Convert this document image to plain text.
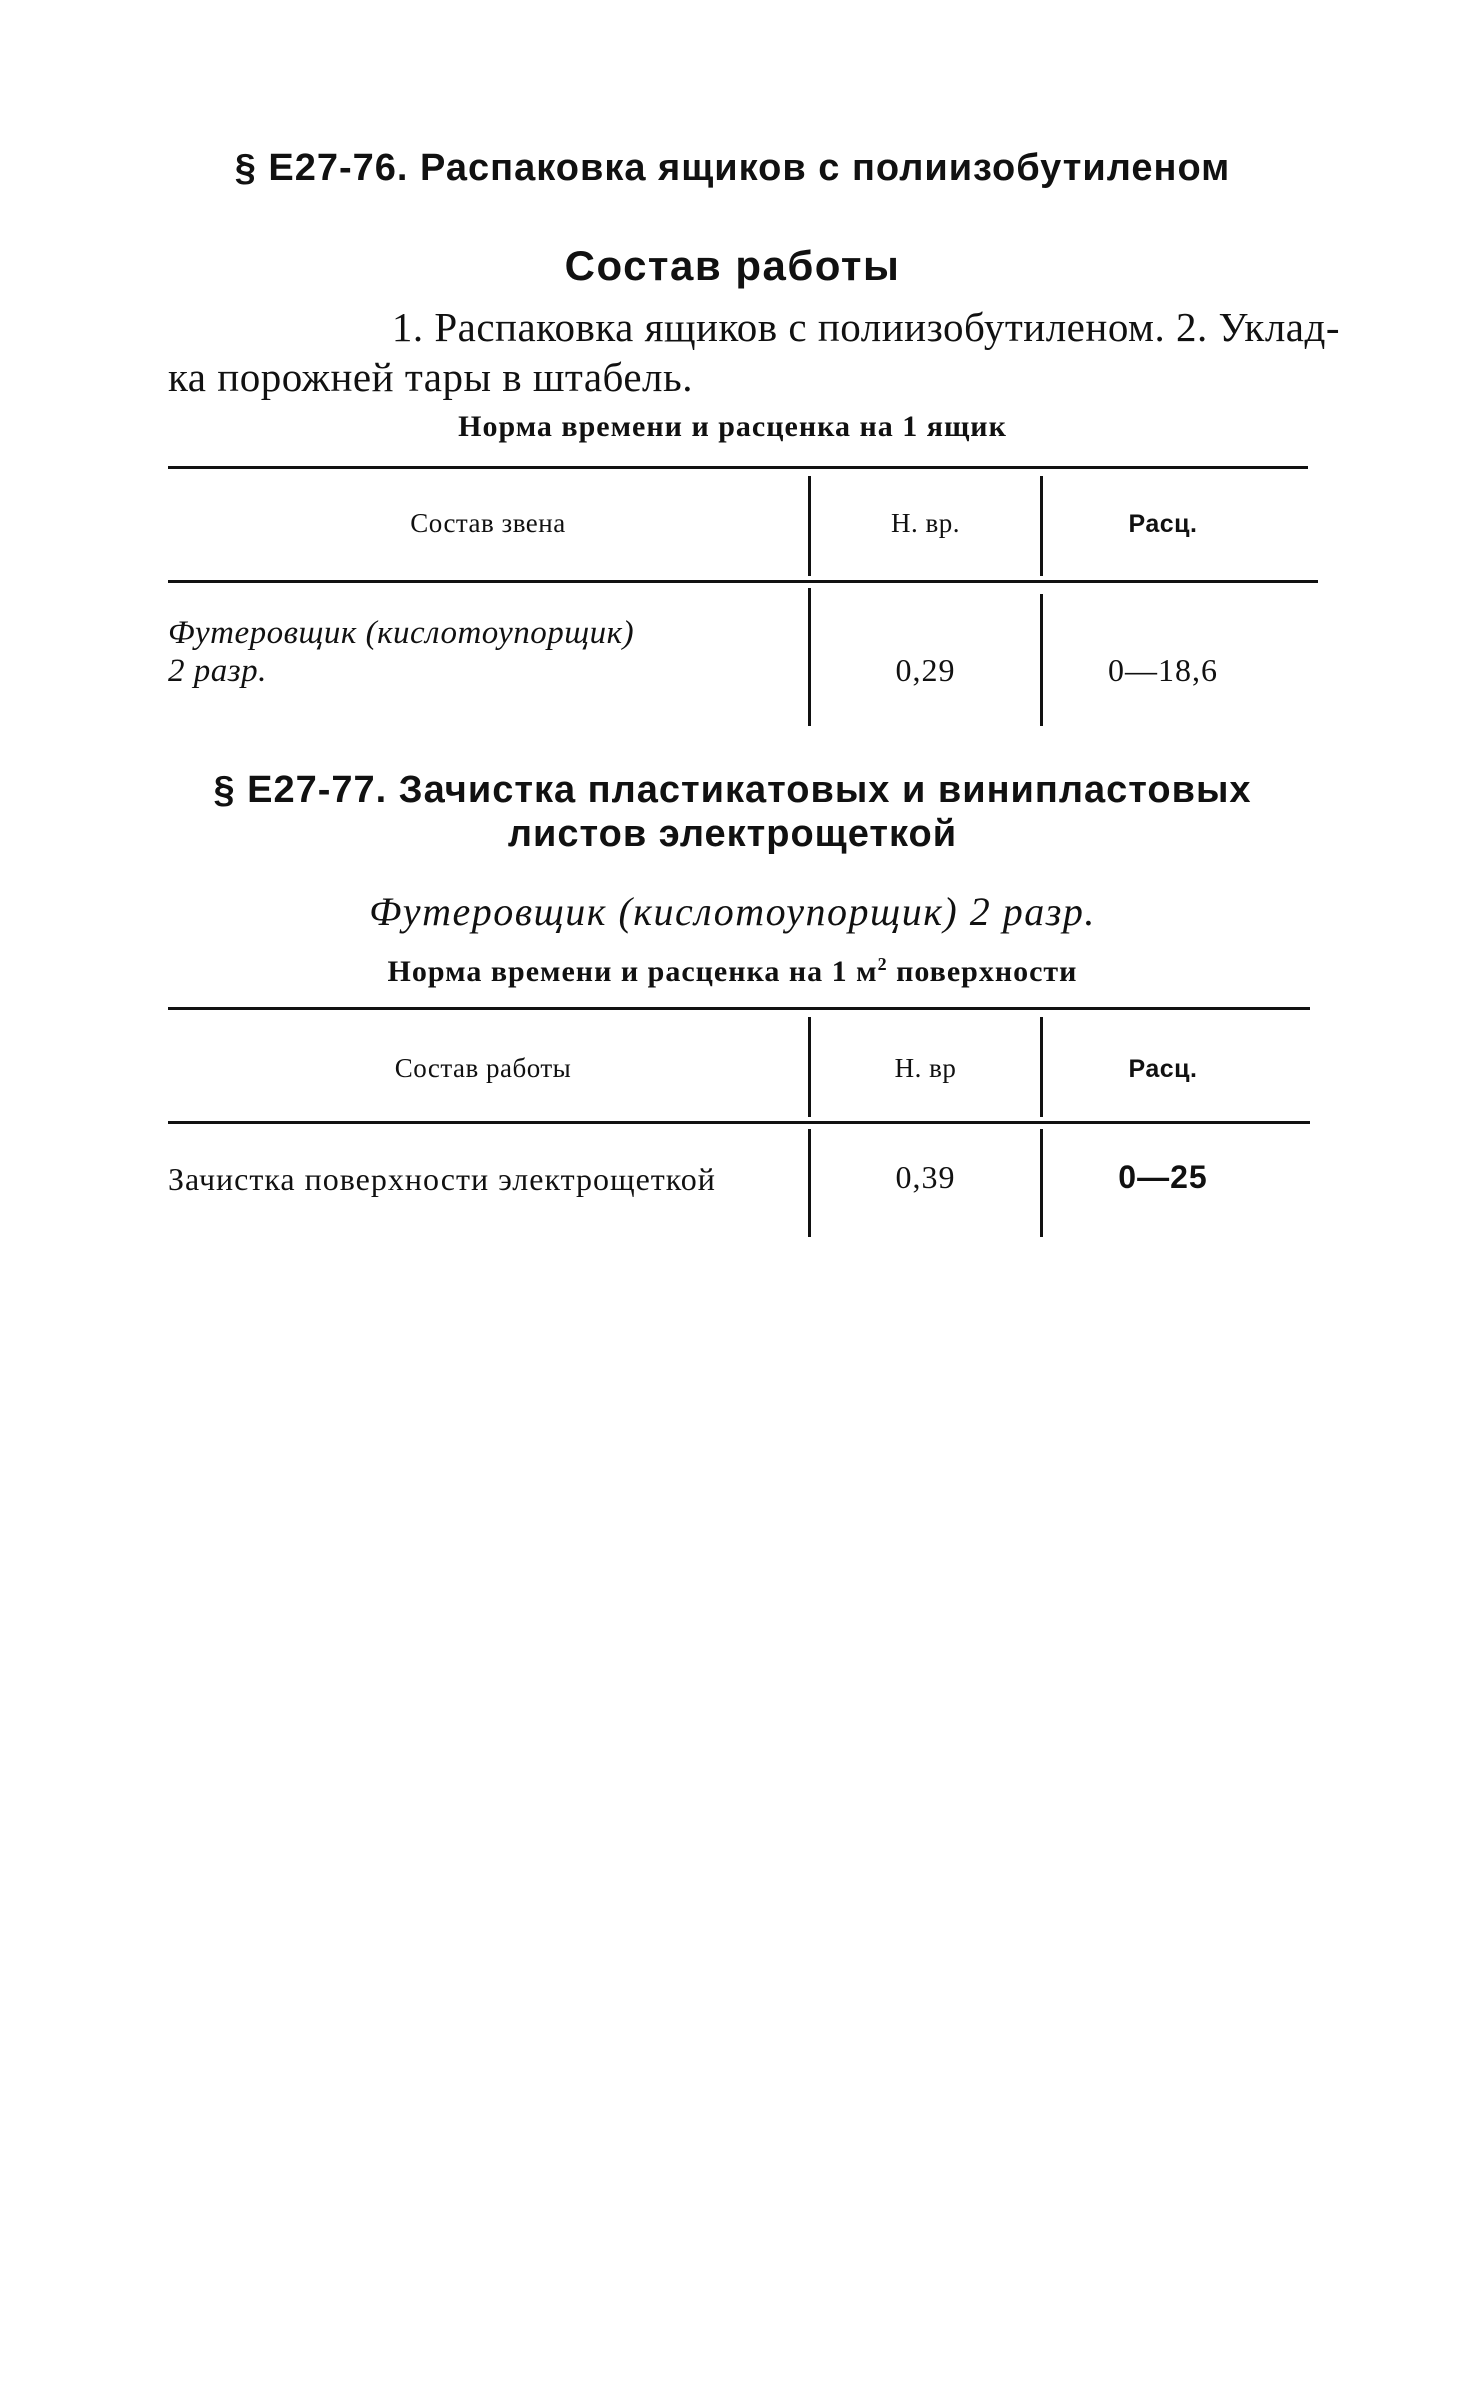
§ Е27-76. Распаковка ящиков с полиизобутиленом
Состав работы
1. Распаковка ящиков с полиизобутиленом. 2. Уклад-
ка порожней тары в штабель.
Норма времени и расценка на 1 ящик
Состав звена	Н. вр.	Расц.
Футеровщик (кислотоупорщик)
2 разр.	0,29	0—18,6
§ Е27-77. Зачистка пластикатовых и винипластовых
листов электрощеткой
Футеровщик (кислотоупорщик) 2 разр.
Норма времени и расценка на 1 $м^2$ поверхности
Состав работы	Н. вр	Расц.
Зачистка поверхности электрощеткой	0,39	0—25
